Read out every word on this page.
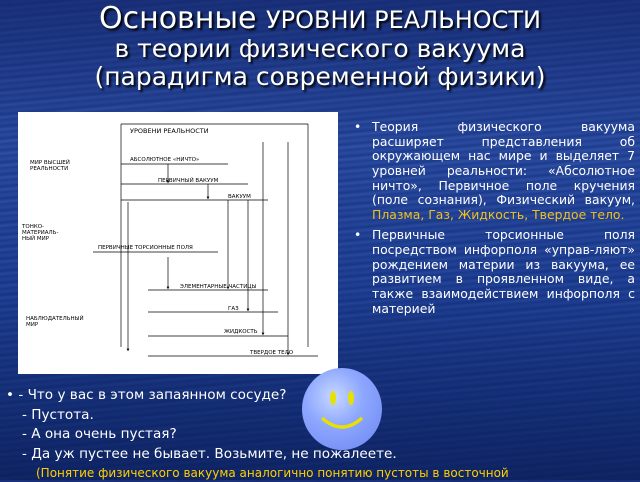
Основные УРОВНИ РЕАЛЬНОСТИ
в теории физического вакуума
(парадигма современной физики)
УРОВЕНИ РЕАЛЬНОСТИ
МИР ВЫСШЕЙ РЕАЛЬНОСТИ
ТОНКО-МАТЕРИАЛЬ-НЫЙ МИР
НАБЛЮДАТЕЛЬНЫЙ МИР
АБСОЛЮТНОЕ «НИЧТО»
ПЕРВИЧНЫЙ ВАКУУМ
ВАКУУМ
ПЕРВИЧНЫЕ ТОРСИОННЫЕ ПОЛЯ
ЭЛЕМЕНТАРНЫЕ ЧАСТИЦЫ
ГАЗ
ЖИДКОСТЬ
ТВЕРДОЕ ТЕЛО
• Теория физического вакуума расширяет представления об окружающем нас мире и выделяет 7 уровней реальности: «Абсолютное ничто», Первичное поле кручения (поле сознания), Физический вакуум, Плазма, Газ, Жидкость, Твердое тело.
• Первичные торсионные поля посредством инфорполя «управ-ляют» рождением материи из вакуума, ее развитием в проявленном виде, а также взаимодействием инфорполя с материей
• - Что у вас в этом запаянном сосуде?
- Пустота.
- А она очень пустая?
- Да уж пустее не бывает. Возьмите, не пожалеете.
(Понятие физического вакуума аналогично понятию пустоты в восточной
